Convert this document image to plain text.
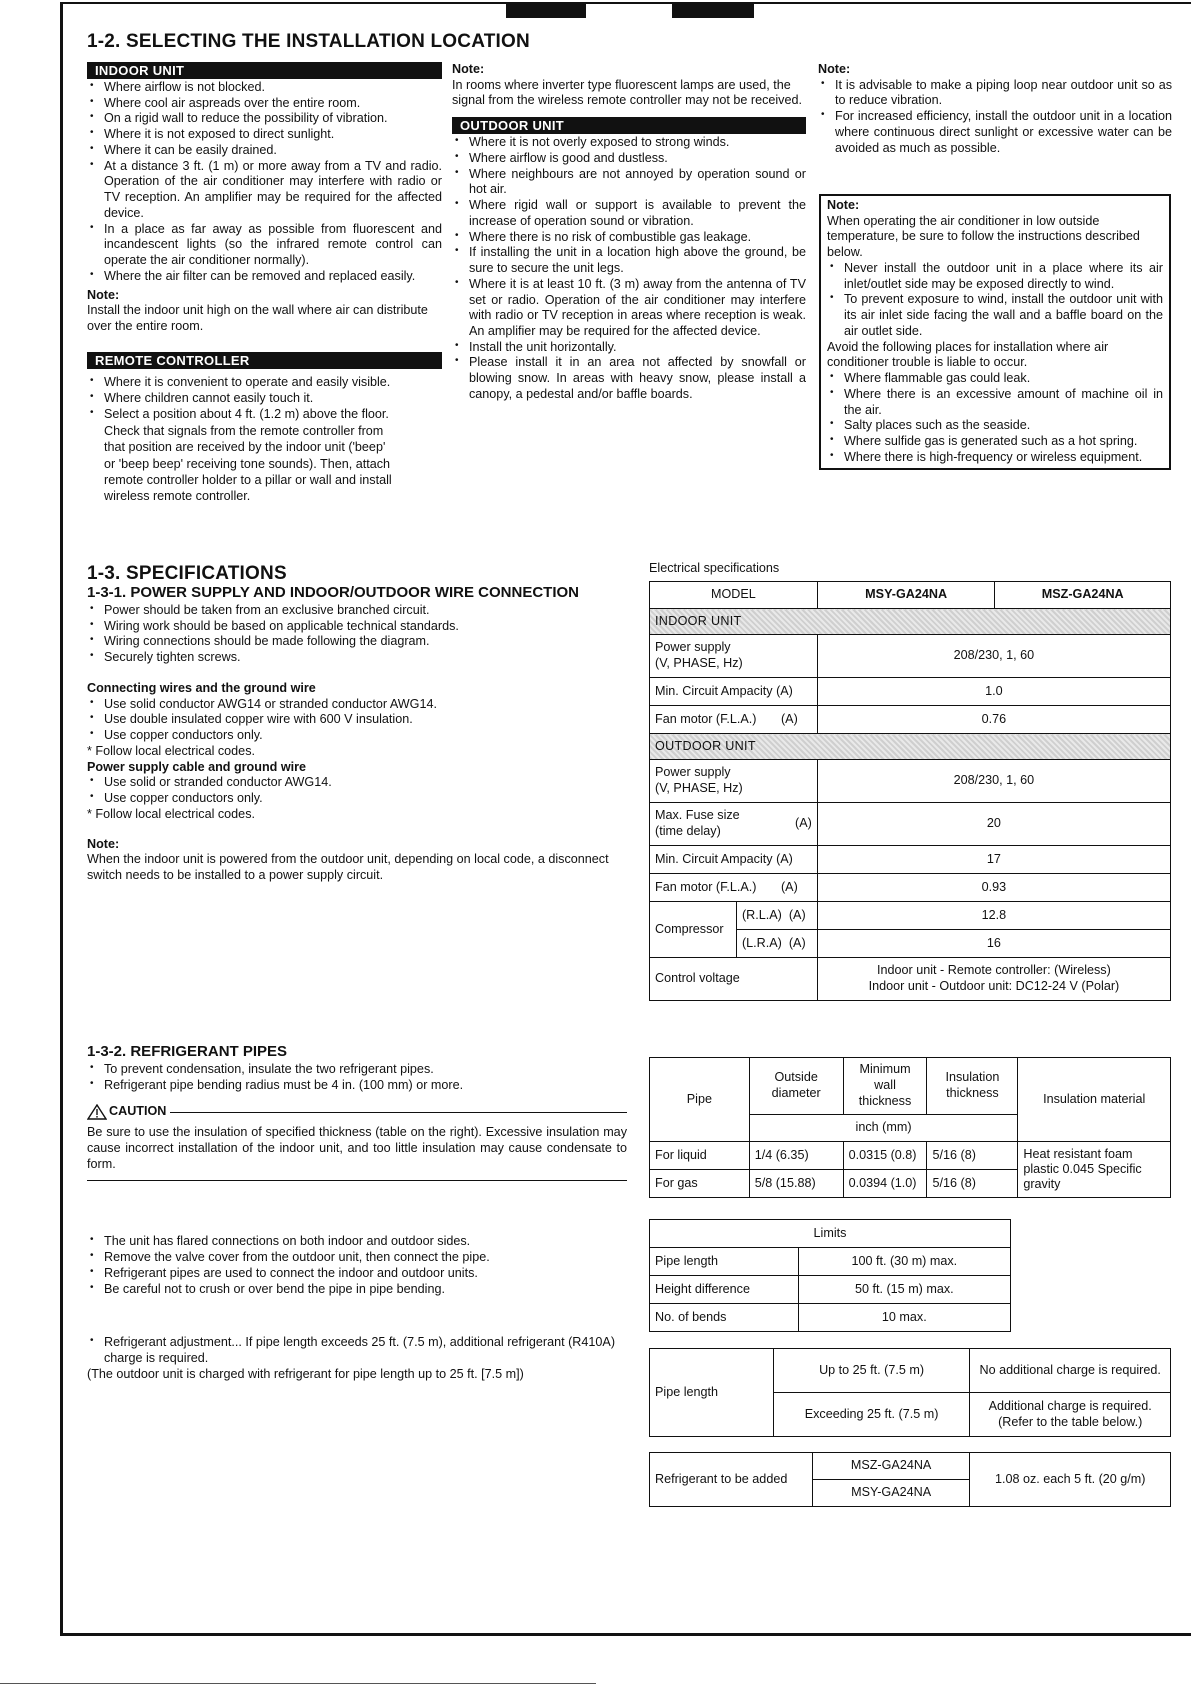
1-2. SELECTING THE INSTALLATION LOCATION
INDOOR UNIT
• Where airflow is not blocked.
• Where cool air aspreads over the entire room.
• On a rigid wall to reduce the possibility of vibration.
• Where it is not exposed to direct sunlight.
• Where it can be easily drained.
• At a distance 3 ft. (1 m) or more away from a TV and radio. Operation of the air conditioner may interfere with radio or TV reception. An amplifier may be required for the affected device.
• In a place as far away as possible from fluorescent and incandescent lights (so the infrared remote control can operate the air conditioner normally).
• Where the air filter can be removed and replaced easily.
Note:
Install the indoor unit high on the wall where air can distribute over the entire room.
REMOTE CONTROLLER
• Where it is convenient to operate and easily visible.
• Where children cannot easily touch it.
• Select a position about 4 ft. (1.2 m) above the floor. Check that signals from the remote controller from that position are received by the indoor unit ('beep' or 'beep beep' receiving tone sounds). Then, attach remote controller holder to a pillar or wall and install wireless remote controller.
Note:
In rooms where inverter type fluorescent lamps are used, the signal from the wireless remote controller may not be received.
OUTDOOR UNIT
• Where it is not overly exposed to strong winds.
• Where airflow is good and dustless.
• Where neighbours are not annoyed by operation sound or hot air.
• Where rigid wall or support is available to prevent the increase of operation sound or vibration.
• Where there is no risk of combustible gas leakage.
• If installing the unit in a location high above the ground, be sure to secure the unit legs.
• Where it is at least 10 ft. (3 m) away from the antenna of TV set or radio. Operation of the air conditioner may interfere with radio or TV reception in areas where reception is weak. An amplifier may be required for the affected device.
• Install the unit horizontally.
• Please install it in an area not affected by snowfall or blowing snow. In areas with heavy snow, please install a canopy, a pedestal and/or baffle boards.
Note:
• It is advisable to make a piping loop near outdoor unit so as to reduce vibration.
• For increased efficiency, install the outdoor unit in a location where continuous direct sunlight or excessive water can be avoided as much as possible.
Note:
When operating the air conditioner in low outside temperature, be sure to follow the instructions described below.
• Never install the outdoor unit in a place where its air inlet/outlet side may be exposed directly to wind.
• To prevent exposure to wind, install the outdoor unit with its air inlet side facing the wall and a baffle board on the air outlet side.
Avoid the following places for installation where air conditioner trouble is liable to occur.
• Where flammable gas could leak.
• Where there is an excessive amount of machine oil in the air.
• Salty places such as the seaside.
• Where sulfide gas is generated such as a hot spring.
• Where there is high-frequency or wireless equipment.
1-3. SPECIFICATIONS
1-3-1. POWER SUPPLY AND INDOOR/OUTDOOR WIRE CONNECTION
• Power should be taken from an exclusive branched circuit.
• Wiring work should be based on applicable technical standards.
• Wiring connections should be made following the diagram.
• Securely tighten screws.
Connecting wires and the ground wire
• Use solid conductor AWG14 or stranded conductor AWG14.
• Use double insulated copper wire with 600 V insulation.
• Use copper conductors only.
* Follow local electrical codes.
Power supply cable and ground wire
• Use solid or stranded conductor AWG14.
• Use copper conductors only.
* Follow local electrical codes.
Note:
When the indoor unit is powered from the outdoor unit, depending on local code, a disconnect switch needs to be installed to a power supply circuit.
Electrical specifications
MODEL		MSY-GA24NA	MSZ-GA24NA
INDOOR UNIT			
Power supply
(V, PHASE, Hz)		208/230, 1, 60	
Min. Circuit Ampacity (A)		1.0	
Fan motor (F.L.A.) (A)		0.76	
OUTDOOR UNIT			
Power supply
(V, PHASE, Hz)		208/230, 1, 60	

Max. Fuse size
(time delay)
(A)		20	
Min. Circuit Ampacity (A)		17	
Fan motor (F.L.A.) (A)		0.93	
Compressor	(R.L.A) (A)	12.8	
	(L.R.A) (A)	16	
Control voltage		Indoor unit - Remote controller: (Wireless)
Indoor unit - Outdoor unit: DC12-24 V (Polar)	
1-3-2. REFRIGERANT PIPES
• To prevent condensation, insulate the two refrigerant pipes.
• Refrigerant pipe bending radius must be 4 in. (100 mm) or more.
CAUTION
Be sure to use the insulation of specified thickness (table on the right). Excessive insulation may cause incorrect installation of the indoor unit, and too little insulation may cause condensate to form.
• The unit has flared connections on both indoor and outdoor sides.
• Remove the valve cover from the outdoor unit, then connect the pipe.
• Refrigerant pipes are used to connect the indoor and outdoor units.
• Be careful not to crush or over bend the pipe in pipe bending.
• Refrigerant adjustment... If pipe length exceeds 25 ft. (7.5 m), additional refrigerant (R410A) charge is required.
(The outdoor unit is charged with refrigerant for pipe length up to 25 ft. [7.5 m])
Pipe	Outside diameter	Minimum wall thickness	Insulation thickness	Insulation material
	inch (mm)			
For liquid	1/4 (6.35)	0.0315 (0.8)	5/16 (8)	Heat resistant foam plastic 0.045 Specific gravity
For gas	5/8 (15.88)	0.0394 (1.0)	5/16 (8)	
Limits	
Pipe length	100 ft. (30 m) max.
Height difference	50 ft. (15 m) max.
No. of bends	10 max.
Pipe length	Up to 25 ft. (7.5 m)	No additional charge is required.
	Exceeding 25 ft. (7.5 m)	Additional charge is required.
(Refer to the table below.)
Refrigerant to be added	MSZ-GA24NA	1.08 oz. each 5 ft. (20 g/m)
MSY-GA24NA
